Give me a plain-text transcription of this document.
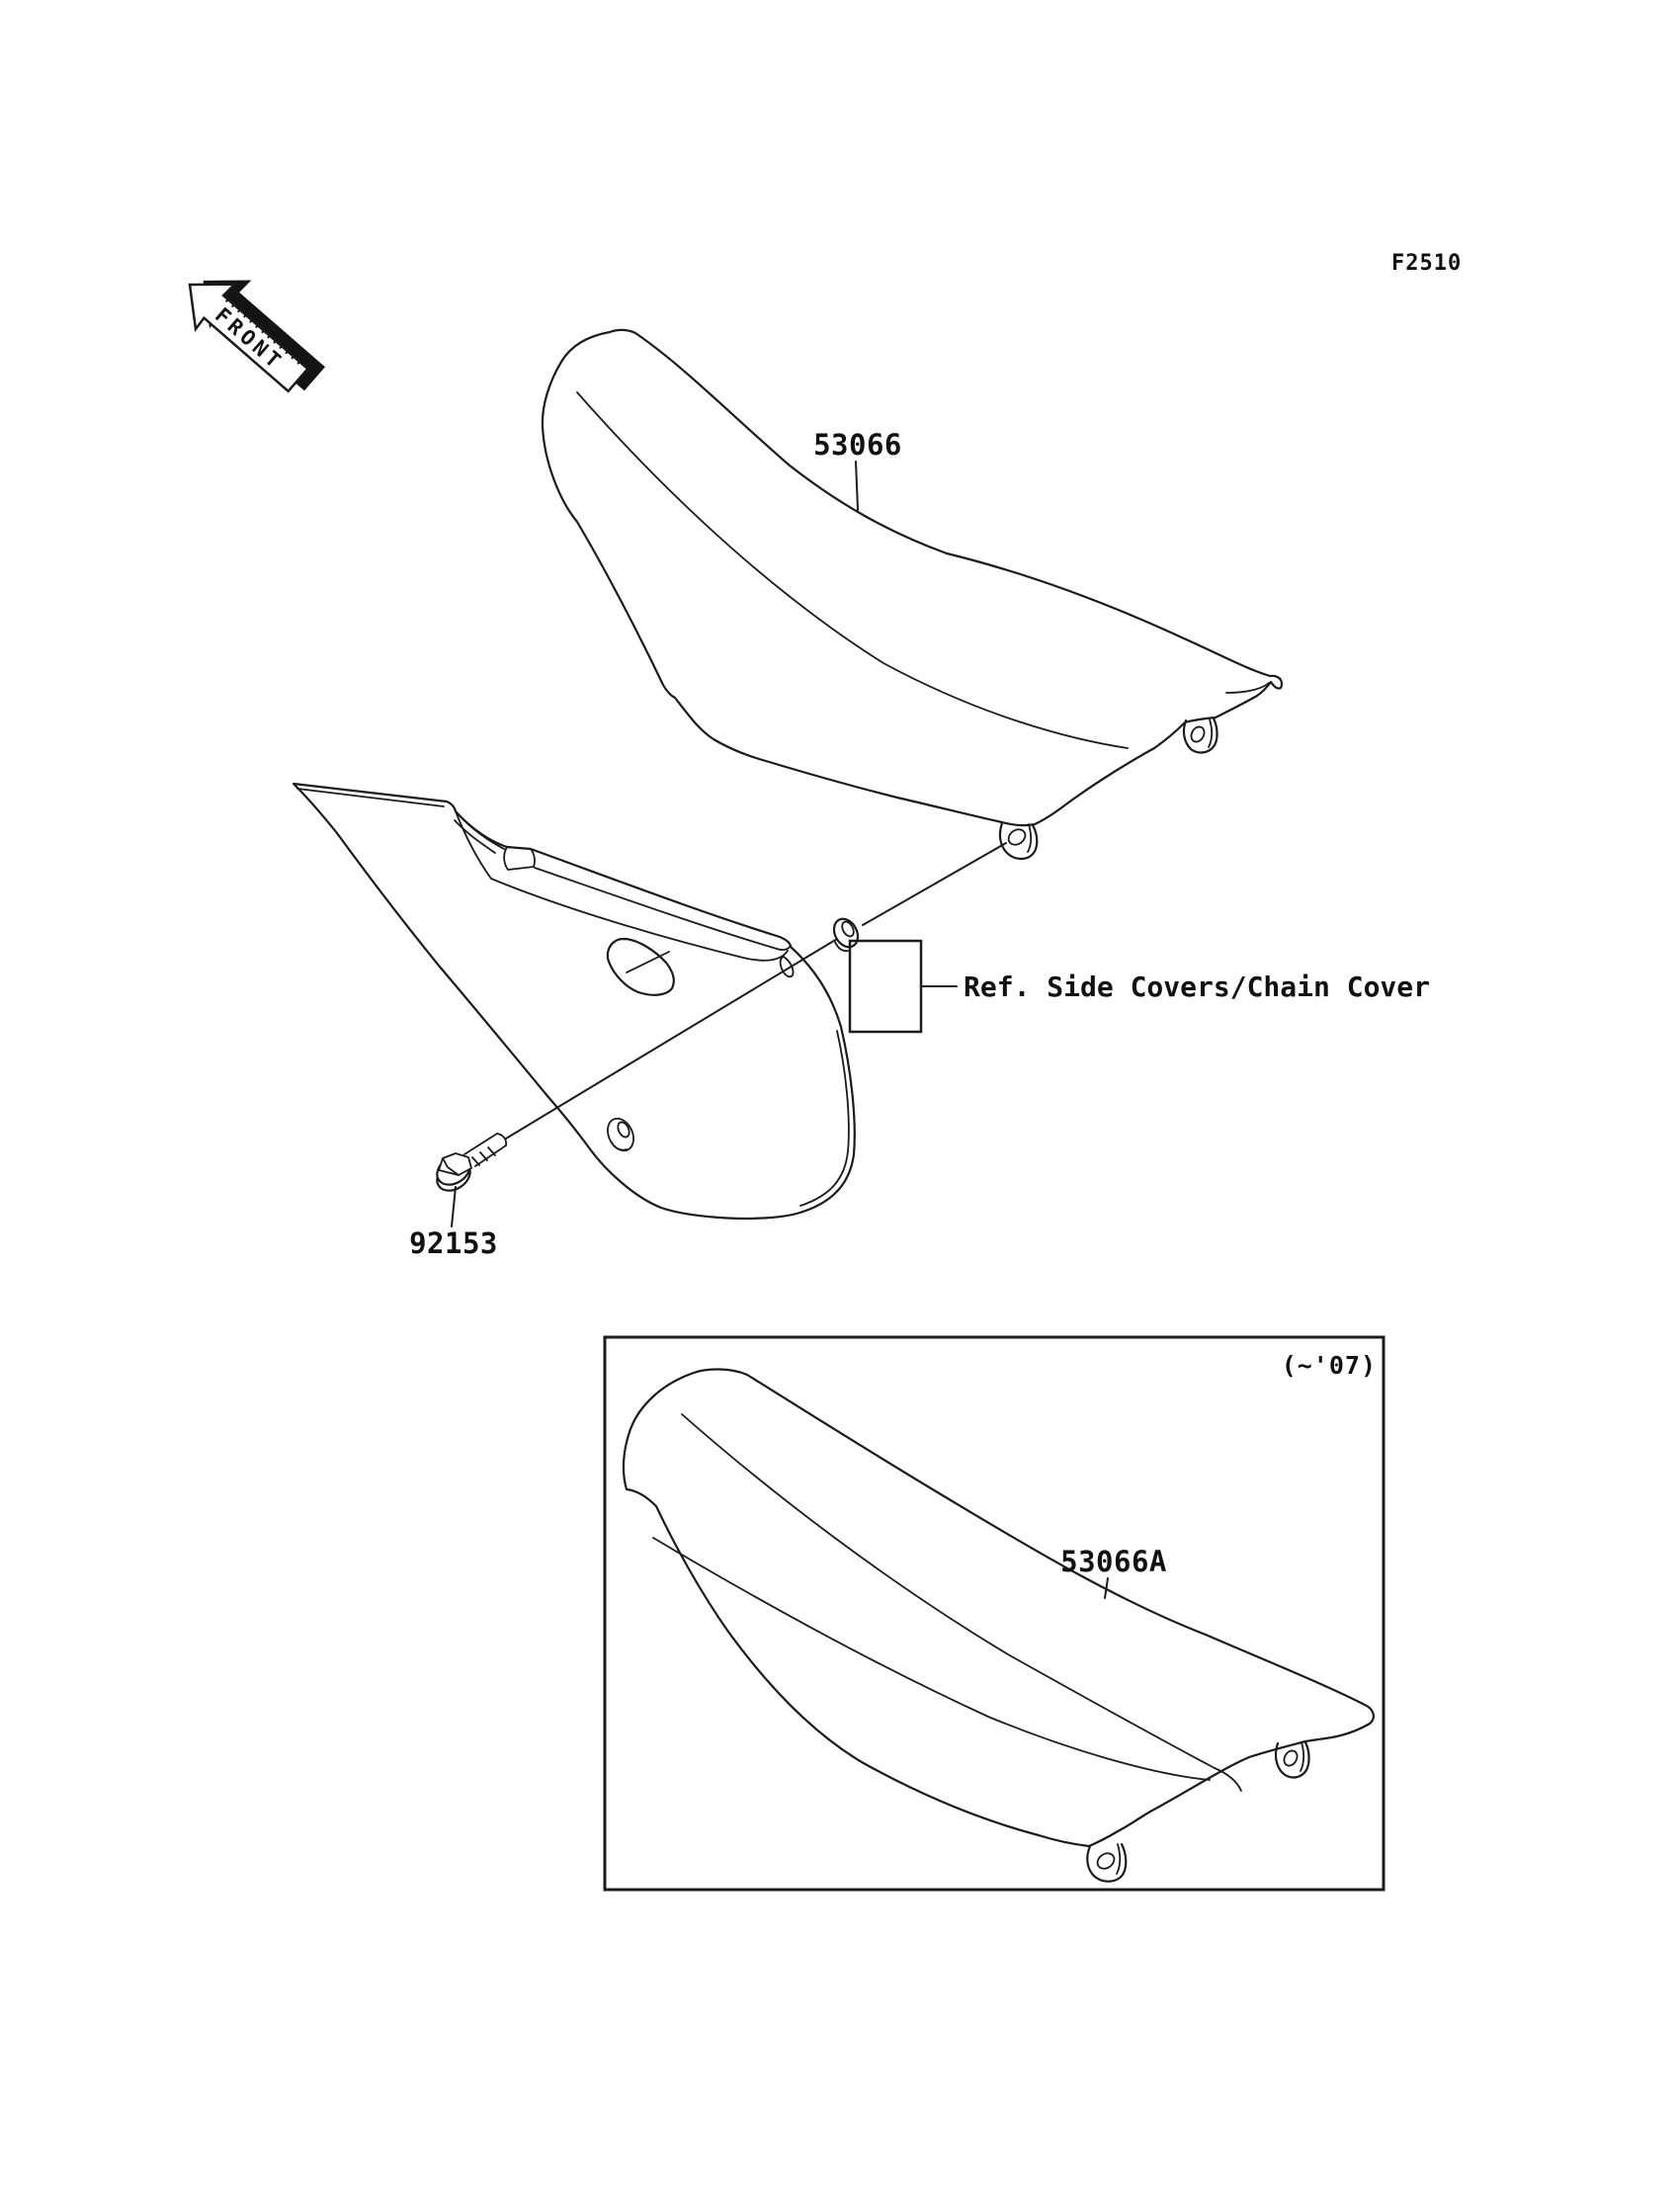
F2510
FRONT
53066
Ref. Side Covers/Chain Cover
92153
(~'07)
53066A
